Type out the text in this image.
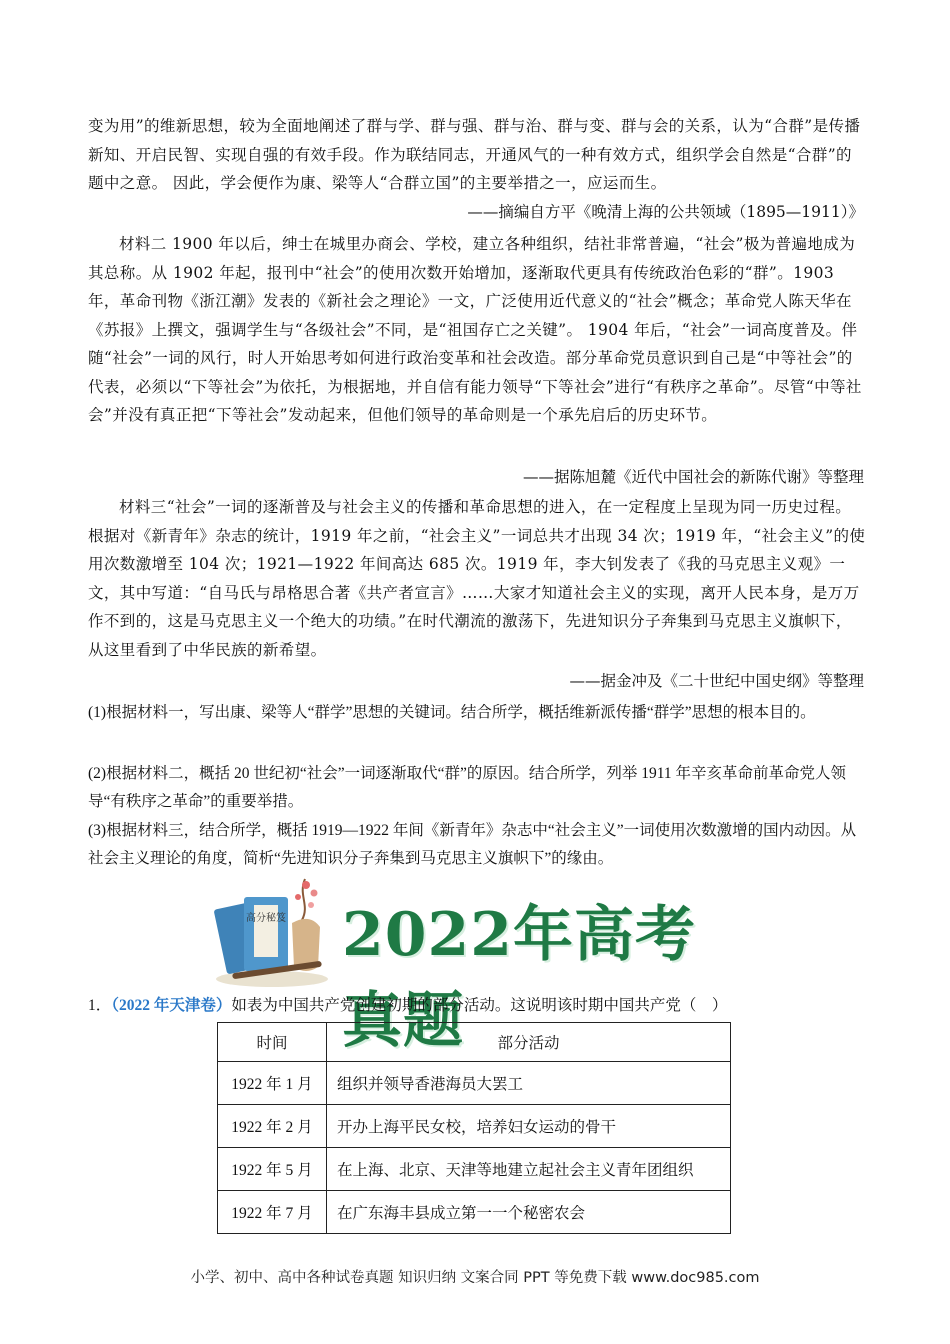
变为用”的维新思想，较为全面地阐述了群与学、群与强、群与治、群与变、群与会的关系，认为“合群”是传播新知、开启民智、实现自强的有效手段。作为联结同志，开通风气的一种有效方式，组织学会自然是“合群”的题中之意。 因此，学会便作为康、梁等人“合群立国”的主要举措之一，应运而生。

——摘编自方平《晚清上海的公共领域（1895—1911）》

材料二 1900 年以后，绅士在城里办商会、学校，建立各种组织，结社非常普遍，“社会”极为普遍地成为其总称。从 1902 年起，报刊中“社会”的使用次数开始增加，逐渐取代更具有传统政治色彩的“群”。1903 年，革命刊物《浙江潮》发表的《新社会之理论》一文，广泛使用近代意义的“社会”概念；革命党人陈天华在《苏报》上撰文，强调学生与“各级社会”不同，是“祖国存亡之关键”。 1904 年后，“社会”一词高度普及。伴随“社会”一词的风行，时人开始思考如何进行政治变革和社会改造。部分革命党员意识到自己是“中等社会”的代表，必须以“下等社会”为依托，为根据地，并自信有能力领导“下等社会”进行“有秩序之革命”。尽管“中等社会”并没有真正把“下等社会”发动起来，但他们领导的革命则是一个承先启后的历史环节。

——据陈旭麓《近代中国社会的新陈代谢》等整理

材料三“社会”一词的逐渐普及与社会主义的传播和革命思想的进入，在一定程度上呈现为同一历史过程。根据对《新青年》杂志的统计，1919 年之前，“社会主义”一词总共才出现 34 次；1919 年，“社会主义”的使用次数激增至 104 次；1921—1922 年间高达 685 次。1919 年，李大钊发表了《我的马克思主义观》一文，其中写道：“自马氏与昂格思合著《共产者宣言》……大家才知道社会主义的实现，离开人民本身，是万万作不到的，这是马克思主义一个绝大的功绩。”在时代潮流的激荡下，先进知识分子奔集到马克思主义旗帜下，从这里看到了中华民族的新希望。

——据金冲及《二十世纪中国史纲》等整理

(1)根据材料一，写出康、梁等人“群学”思想的关键词。结合所学，概括维新派传播“群学”思想的根本目的。

(2)根据材料二，概括 20 世纪初“社会”一词逐渐取代“群”的原因。结合所学，列举 1911 年辛亥革命前革命党人领导“有秩序之革命”的重要举措。

(3)根据材料三，结合所学，概括 1919—1922 年间《新青年》杂志中“社会主义”一词使用次数激增的国内动因。从社会主义理论的角度，简析“先进知识分子奔集到马克思主义旗帜下”的缘由。

高分秘笈 2022年高考真题
1．（2022 年天津卷）如表为中国共产党创建初期的部分活动。这说明该时期中国共产党（　）
时间	部分活动
1922 年 1 月	组织并领导香港海员大罢工
1922 年 2 月	开办上海平民女校，培养妇女运动的骨干
1922 年 5 月	在上海、北京、天津等地建立起社会主义青年团组织
1922 年 7 月	在广东海丰县成立第一一个秘密农会
小学、初中、高中各种试卷真题 知识归纳 文案合同 PPT 等免费下载 www.doc985.com
